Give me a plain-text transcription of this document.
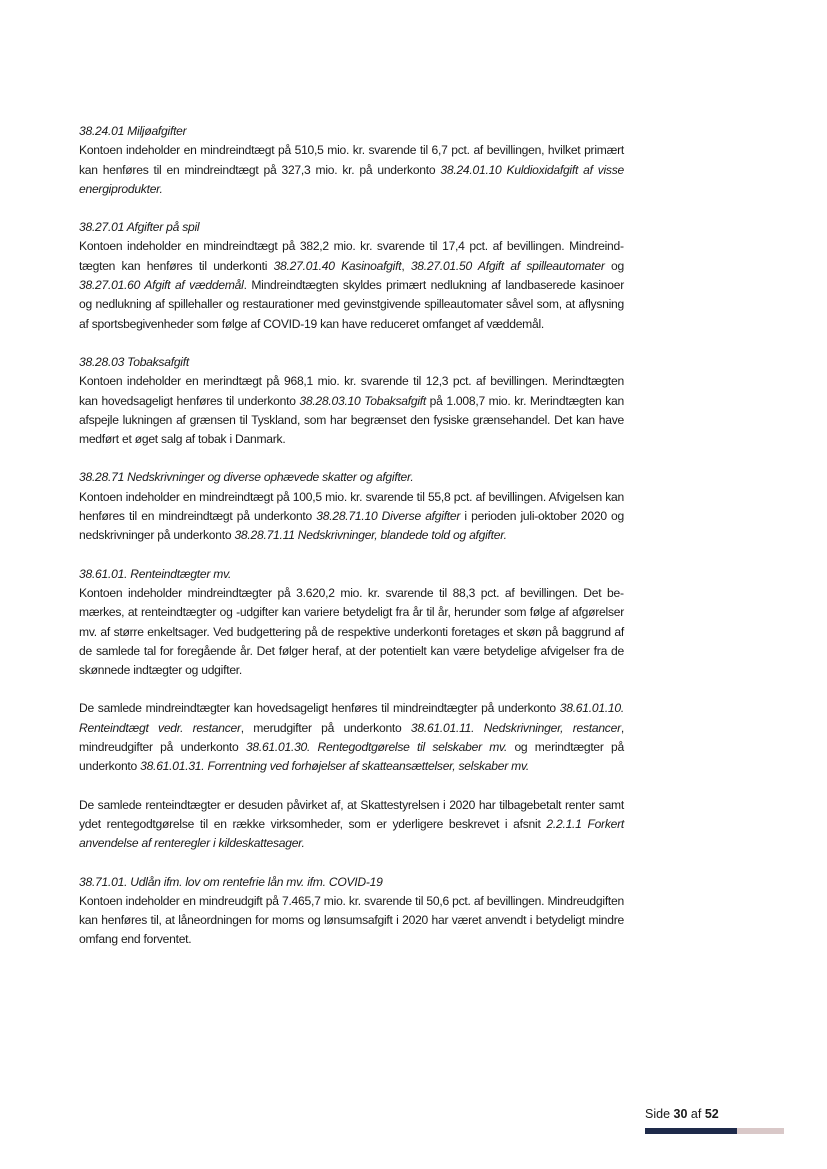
38.24.01 Miljøafgifter

Kontoen indeholder en mindreindtægt på 510,5 mio. kr. svarende til 6,7 pct. af bevillingen, hvilket primært kan henføres til en mindreindtægt på 327,3 mio. kr. på underkonto 38.24.01.10 Kuldioxidafgift af visse energiprodukter.

38.27.01 Afgifter på spil

Kontoen indeholder en mindreindtægt på 382,2 mio. kr. svarende til 17,4 pct. af bevillingen. Mindreindtægten kan henføres til underkonti 38.27.01.40 Kasinoafgift, 38.27.01.50 Afgift af spilleautomater og 38.27.01.60 Afgift af væddemål. Mindreindtægten skyldes primært nedlukning af landbaserede kasinoer og nedlukning af spillehaller og restaurationer med gevinstgivende spilleautomater såvel som, at aflysning af sportsbegivenheder som følge af COVID-19 kan have reduceret omfanget af væddemål.

38.28.03 Tobaksafgift

Kontoen indeholder en merindtægt på 968,1 mio. kr. svarende til 12,3 pct. af bevillingen. Merindtægten kan hovedsageligt henføres til underkonto 38.28.03.10 Tobaksafgift på 1.008,7 mio. kr. Merindtægten kan afspejle lukningen af grænsen til Tyskland, som har begrænset den fysiske grænsehandel. Det kan have medført et øget salg af tobak i Danmark.

38.28.71 Nedskrivninger og diverse ophævede skatter og afgifter.

Kontoen indeholder en mindreindtægt på 100,5 mio. kr. svarende til 55,8 pct. af bevillingen. Afvigelsen kan henføres til en mindreindtægt på underkonto 38.28.71.10 Diverse afgifter i perioden juli-oktober 2020 og nedskrivninger på underkonto 38.28.71.11 Nedskrivninger, blandede told og afgifter.

38.61.01. Renteindtægter mv.

Kontoen indeholder mindreindtægter på 3.620,2 mio. kr. svarende til 88,3 pct. af bevillingen. Det bemærkes, at renteindtægter og -udgifter kan variere betydeligt fra år til år, herunder som følge af afgørelser mv. af større enkeltsager. Ved budgettering på de respektive underkonti foretages et skøn på baggrund af de samlede tal for foregående år. Det følger heraf, at der potentielt kan være betydelige afvigelser fra de skønnede indtægter og udgifter.

De samlede mindreindtægter kan hovedsageligt henføres til mindreindtægter på underkonto 38.61.01.10. Renteindtægt vedr. restancer, merudgifter på underkonto 38.61.01.11. Nedskrivninger, restancer, mindreudgifter på underkonto 38.61.01.30. Rentegodtgørelse til selskaber mv. og merindtægter på underkonto 38.61.01.31. Forrentning ved forhøjelser af skatteansættelser, selskaber mv.

De samlede renteindtægter er desuden påvirket af, at Skattestyrelsen i 2020 har tilbagebetalt renter samt ydet rentegodtgørelse til en række virksomheder, som er yderligere beskrevet i afsnit 2.2.1.1 Forkert anvendelse af renteregler i kildeskattesager.

38.71.01. Udlån ifm. lov om rentefrie lån mv. ifm. COVID-19

Kontoen indeholder en mindreudgift på 7.465,7 mio. kr. svarende til 50,6 pct. af bevillingen. Mindreudgiften kan henføres til, at låneordningen for moms og lønsumsafgift i 2020 har været anvendt i betydeligt mindre omfang end forventet.

Side 30 af 52
